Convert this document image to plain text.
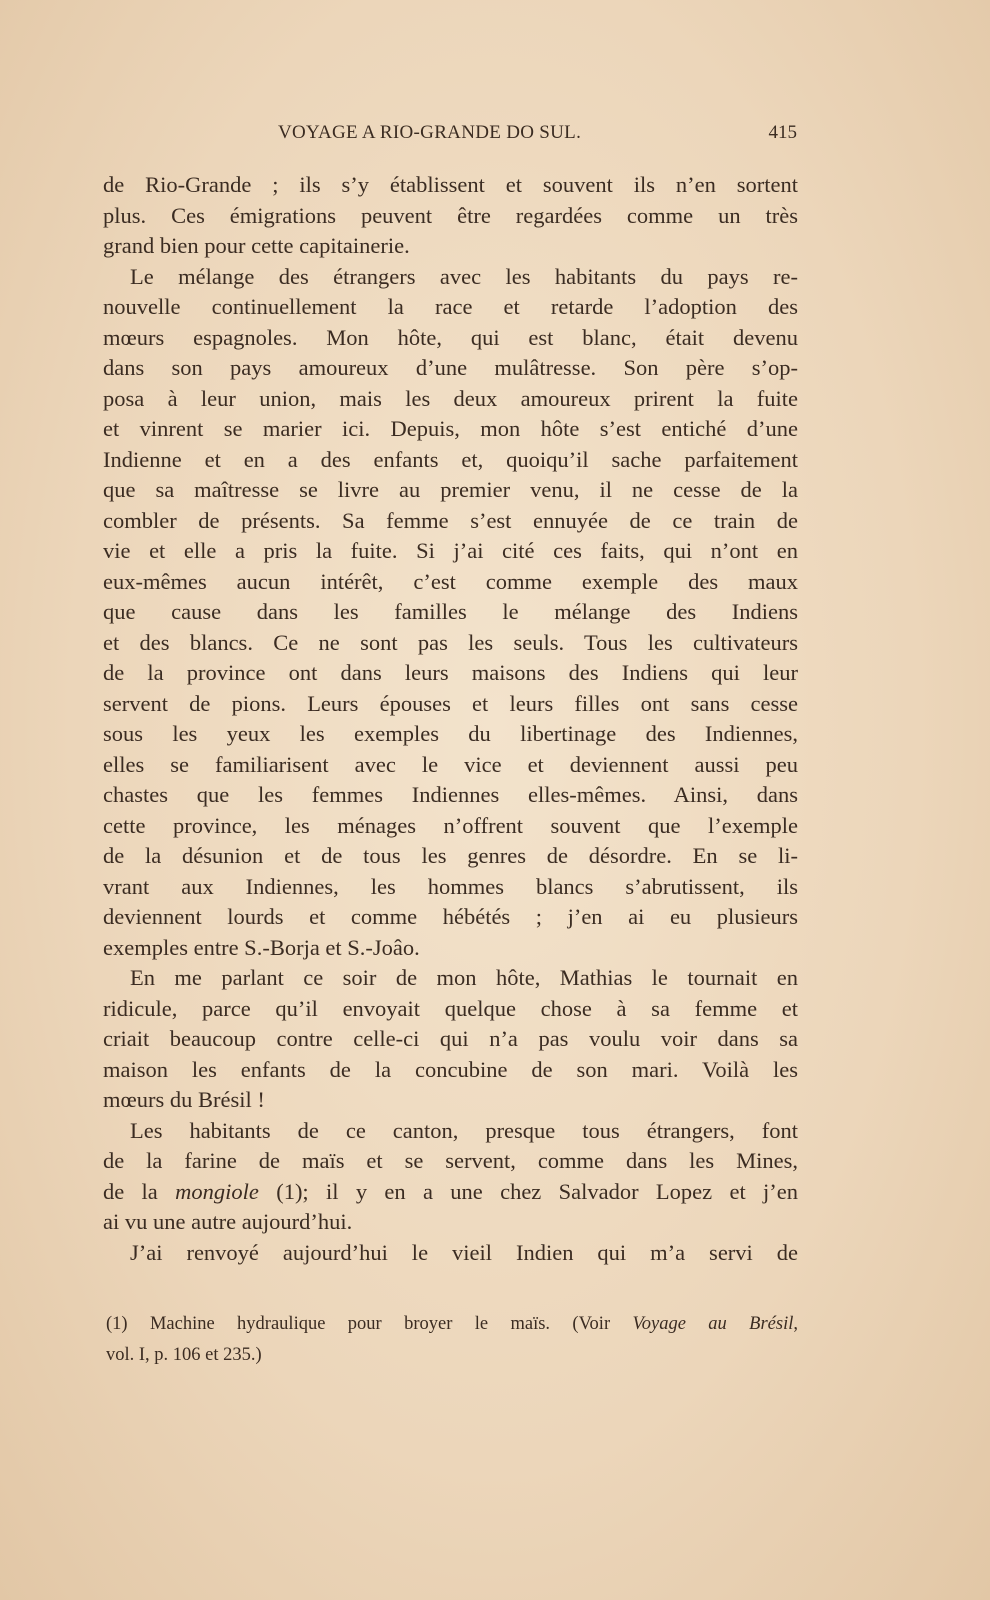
VOYAGE A RIO-GRANDE DO SUL.	415
de Rio-Grande ; ils s’y établissent et souvent ils n’en sortent
plus. Ces émigrations peuvent être regardées comme un très
grand bien pour cette capitainerie.
Le mélange des étrangers avec les habitants du pays re-
nouvelle continuellement la race et retarde l’adoption des
mœurs espagnoles. Mon hôte, qui est blanc, était devenu
dans son pays amoureux d’une mulâtresse. Son père s’op-
posa à leur union, mais les deux amoureux prirent la fuite
et vinrent se marier ici. Depuis, mon hôte s’est entiché d’une
Indienne et en a des enfants et, quoiqu’il sache parfaitement
que sa maîtresse se livre au premier venu, il ne cesse de la
combler de présents. Sa femme s’est ennuyée de ce train de
vie et elle a pris la fuite. Si j’ai cité ces faits, qui n’ont en
eux-mêmes aucun intérêt, c’est comme exemple des maux
que cause dans les familles le mélange des Indiens
et des blancs. Ce ne sont pas les seuls. Tous les cultivateurs
de la province ont dans leurs maisons des Indiens qui leur
servent de pions. Leurs épouses et leurs filles ont sans cesse
sous les yeux les exemples du libertinage des Indiennes,
elles se familiarisent avec le vice et deviennent aussi peu
chastes que les femmes Indiennes elles-mêmes. Ainsi, dans
cette province, les ménages n’offrent souvent que l’exemple
de la désunion et de tous les genres de désordre. En se li-
vrant aux Indiennes, les hommes blancs s’abrutissent, ils
deviennent lourds et comme hébétés ; j’en ai eu plusieurs
exemples entre S.-Borja et S.-Joâo.
En me parlant ce soir de mon hôte, Mathias le tournait en
ridicule, parce qu’il envoyait quelque chose à sa femme et
criait beaucoup contre celle-ci qui n’a pas voulu voir dans sa
maison les enfants de la concubine de son mari. Voilà les
mœurs du Brésil !
Les habitants de ce canton, presque tous étrangers, font
de la farine de maïs et se servent, comme dans les Mines,
de la mongiole (1); il y en a une chez Salvador Lopez et j’en
ai vu une autre aujourd’hui.
J’ai renvoyé aujourd’hui le vieil Indien qui m’a servi de
(1) Machine hydraulique pour broyer le maïs. (Voir Voyage au Brésil,
vol. I, p. 106 et 235.)
